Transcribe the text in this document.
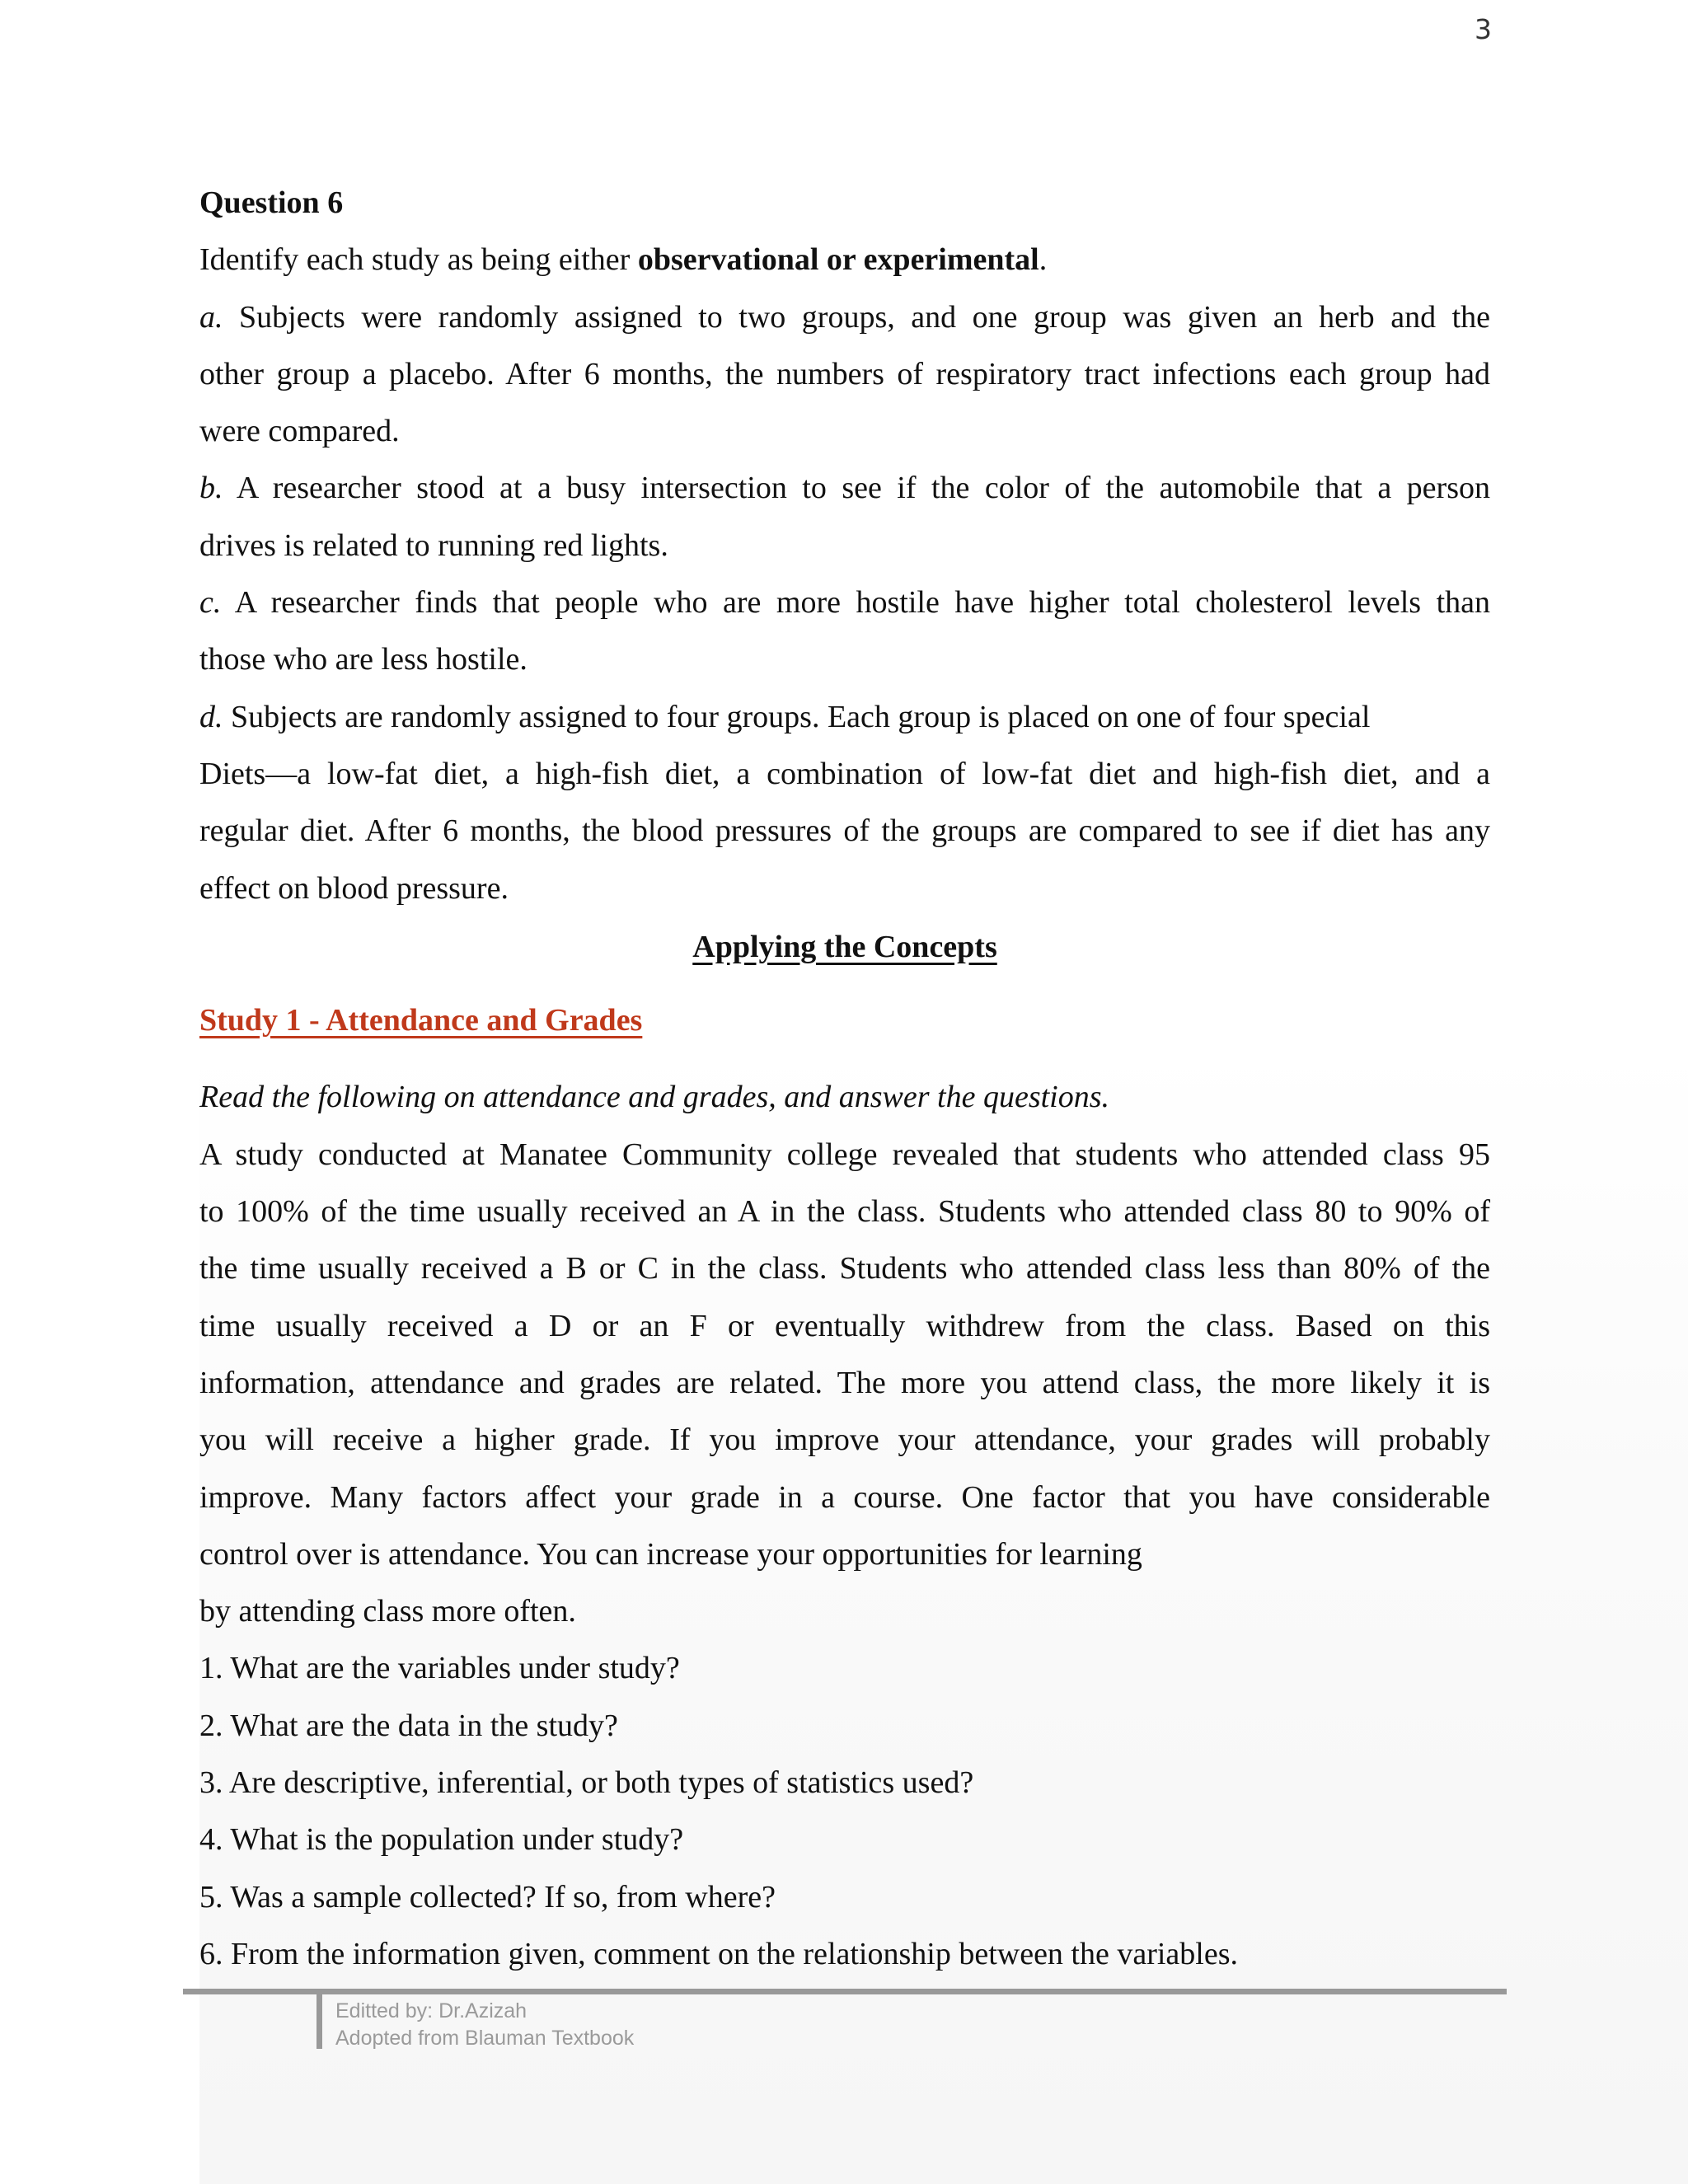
3
Question 6
Identify each study as being either observational or experimental.
a. Subjects were randomly assigned to two groups, and one group was given an herb and the
other group a placebo. After 6 months, the numbers of respiratory tract infections each group had
were compared.
b. A researcher stood at a busy intersection to see if the color of the automobile that a person
drives is related to running red lights.
c. A researcher finds that people who are more hostile have higher total cholesterol levels than
those who are less hostile.
d. Subjects are randomly assigned to four groups. Each group is placed on one of four special
Diets—a low-fat diet, a high-fish diet, a combination of low-fat diet and high-fish diet, and a
regular diet. After 6 months, the blood pressures of the groups are compared to see if diet has any
effect on blood pressure.
Applying the Concepts
Study 1 - Attendance and Grades
Read the following on attendance and grades, and answer the questions.
A study conducted at Manatee Community college revealed that students who attended class 95
to 100% of the time usually received an A in the class. Students who attended class 80 to 90% of
the time usually received a B or C in the class. Students who attended class less than 80% of the
time usually received a D or an F or eventually withdrew from the class. Based on this
information, attendance and grades are related. The more you attend class, the more likely it is
you will receive a higher grade. If you improve your attendance, your grades will probably
improve. Many factors affect your grade in a course. One factor that you have considerable
control over is attendance. You can increase your opportunities for learning
by attending class more often.
1. What are the variables under study?
2. What are the data in the study?
3. Are descriptive, inferential, or both types of statistics used?
4. What is the population under study?
5. Was a sample collected? If so, from where?
6. From the information given, comment on the relationship between the variables.
Editted by: Dr.Azizah
Adopted from Blauman Textbook
